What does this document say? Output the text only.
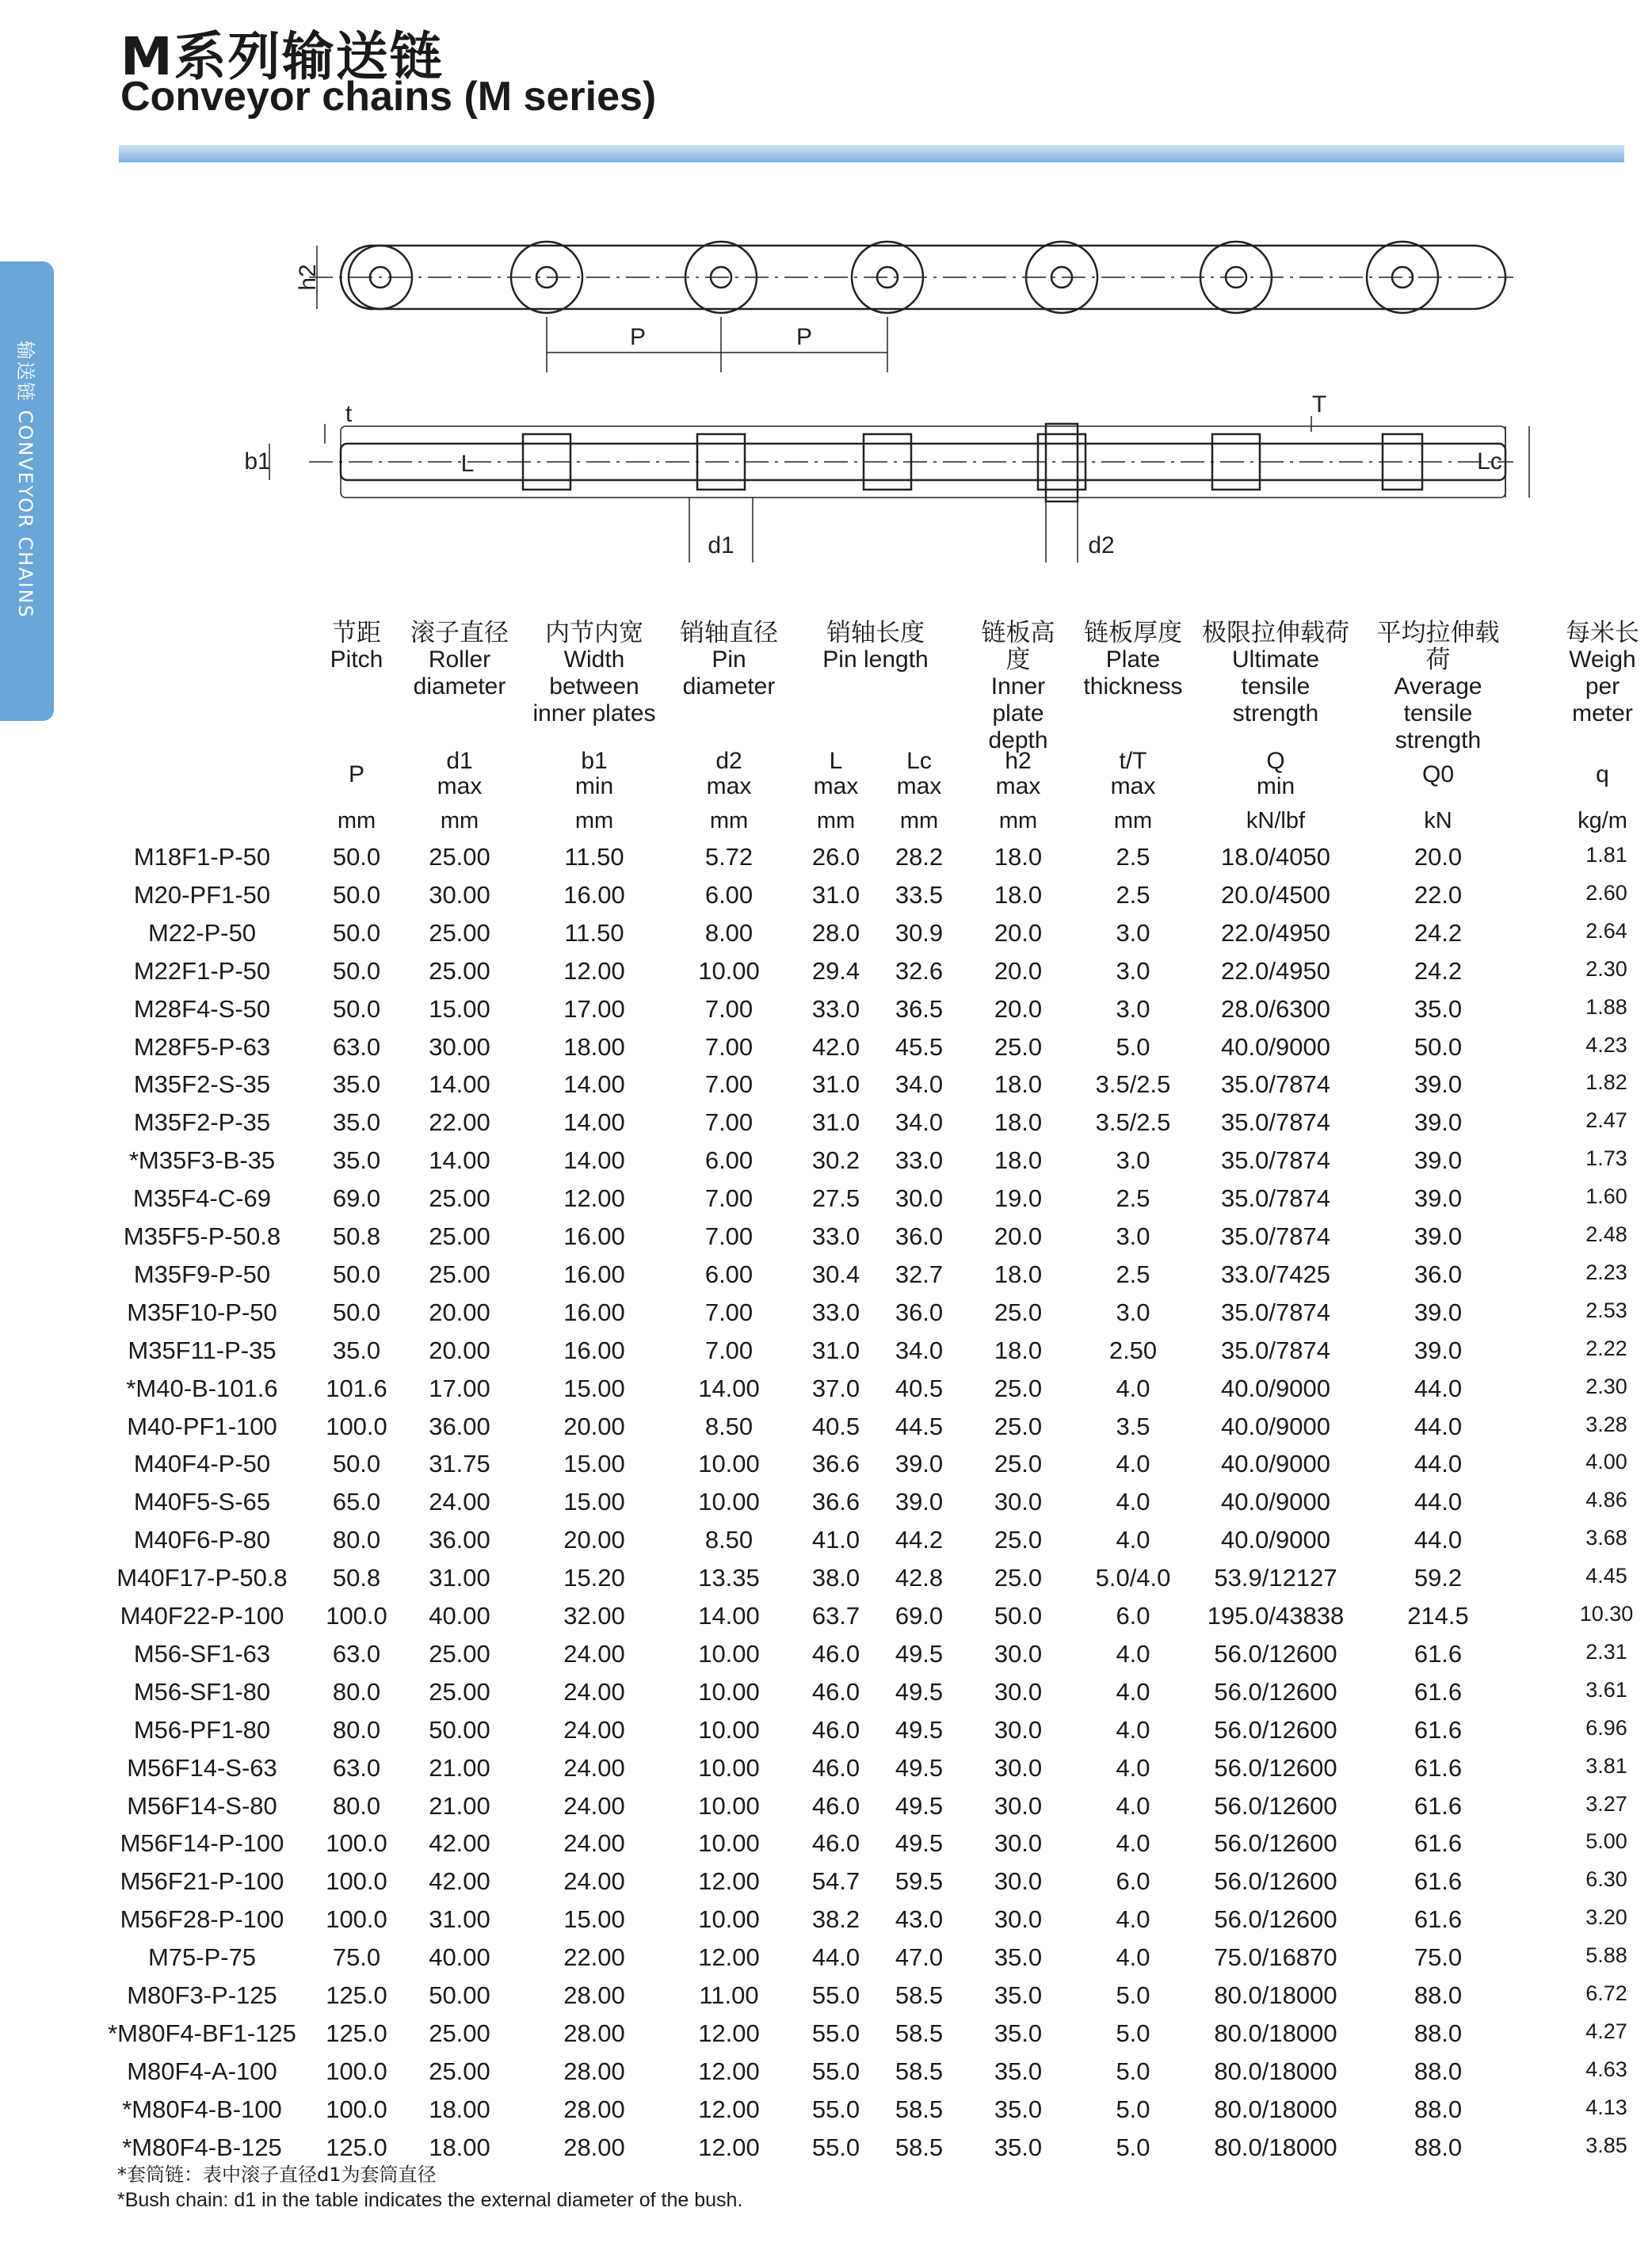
M系列输送链
Conveyor chains (M series)
输送链 CONVEYOR CHAINS
h2
P	P
t
b1	L
d1
T
d2
Lc
节距
Pitch
P
mm
滚子直径
Roller diameter
d1
max
mm
内节内宽
Width between inner plates
b1
min
mm
销轴直径
Pin diameter
d2
max
mm
销轴长度
Pin length
L
max
mm
Lc
max
mm
链板高度
Inner plate depth
h2
max
mm
链板厚度
Plate thickness
t/T
max
mm
极限拉伸载荷
Ultimate tensile strength
Q
min
kN/lbf
平均拉伸载荷
Average tensile strength
Q0
kN
每米长
Weigh per meter
q
kg/m
M18F1-P-50	50.0	25.00	11.50	5.72	26.0	28.2	18.0	2.5	18.0/4050	20.0	1.81
M20-PF1-50	50.0	30.00	16.00	6.00	31.0	33.5	18.0	2.5	20.0/4500	22.0	2.60
M22-P-50	50.0	25.00	11.50	8.00	28.0	30.9	20.0	3.0	22.0/4950	24.2	2.64
M22F1-P-50	50.0	25.00	12.00	10.00	29.4	32.6	20.0	3.0	22.0/4950	24.2	2.30
M28F4-S-50	50.0	15.00	17.00	7.00	33.0	36.5	20.0	3.0	28.0/6300	35.0	1.88
M28F5-P-63	63.0	30.00	18.00	7.00	42.0	45.5	25.0	5.0	40.0/9000	50.0	4.23
M35F2-S-35	35.0	14.00	14.00	7.00	31.0	34.0	18.0	3.5/2.5	35.0/7874	39.0	1.82
M35F2-P-35	35.0	22.00	14.00	7.00	31.0	34.0	18.0	3.5/2.5	35.0/7874	39.0	2.47
*M35F3-B-35	35.0	14.00	14.00	6.00	30.2	33.0	18.0	3.0	35.0/7874	39.0	1.73
M35F4-C-69	69.0	25.00	12.00	7.00	27.5	30.0	19.0	2.5	35.0/7874	39.0	1.60
M35F5-P-50.8	50.8	25.00	16.00	7.00	33.0	36.0	20.0	3.0	35.0/7874	39.0	2.48
M35F9-P-50	50.0	25.00	16.00	6.00	30.4	32.7	18.0	2.5	33.0/7425	36.0	2.23
M35F10-P-50	50.0	20.00	16.00	7.00	33.0	36.0	25.0	3.0	35.0/7874	39.0	2.53
M35F11-P-35	35.0	20.00	16.00	7.00	31.0	34.0	18.0	2.50	35.0/7874	39.0	2.22
*M40-B-101.6	101.6	17.00	15.00	14.00	37.0	40.5	25.0	4.0	40.0/9000	44.0	2.30
M40-PF1-100	100.0	36.00	20.00	8.50	40.5	44.5	25.0	3.5	40.0/9000	44.0	3.28
M40F4-P-50	50.0	31.75	15.00	10.00	36.6	39.0	25.0	4.0	40.0/9000	44.0	4.00
M40F5-S-65	65.0	24.00	15.00	10.00	36.6	39.0	30.0	4.0	40.0/9000	44.0	4.86
M40F6-P-80	80.0	36.00	20.00	8.50	41.0	44.2	25.0	4.0	40.0/9000	44.0	3.68
M40F17-P-50.8	50.8	31.00	15.20	13.35	38.0	42.8	25.0	5.0/4.0	53.9/12127	59.2	4.45
M40F22-P-100	100.0	40.00	32.00	14.00	63.7	69.0	50.0	6.0	195.0/43838	214.5	10.30
M56-SF1-63	63.0	25.00	24.00	10.00	46.0	49.5	30.0	4.0	56.0/12600	61.6	2.31
M56-SF1-80	80.0	25.00	24.00	10.00	46.0	49.5	30.0	4.0	56.0/12600	61.6	3.61
M56-PF1-80	80.0	50.00	24.00	10.00	46.0	49.5	30.0	4.0	56.0/12600	61.6	6.96
M56F14-S-63	63.0	21.00	24.00	10.00	46.0	49.5	30.0	4.0	56.0/12600	61.6	3.81
M56F14-S-80	80.0	21.00	24.00	10.00	46.0	49.5	30.0	4.0	56.0/12600	61.6	3.27
M56F14-P-100	100.0	42.00	24.00	10.00	46.0	49.5	30.0	4.0	56.0/12600	61.6	5.00
M56F21-P-100	100.0	42.00	24.00	12.00	54.7	59.5	30.0	6.0	56.0/12600	61.6	6.30
M56F28-P-100	100.0	31.00	15.00	10.00	38.2	43.0	30.0	4.0	56.0/12600	61.6	3.20
M75-P-75	75.0	40.00	22.00	12.00	44.0	47.0	35.0	4.0	75.0/16870	75.0	5.88
M80F3-P-125	125.0	50.00	28.00	11.00	55.0	58.5	35.0	5.0	80.0/18000	88.0	6.72
*M80F4-BF1-125	125.0	25.00	28.00	12.00	55.0	58.5	35.0	5.0	80.0/18000	88.0	4.27
M80F4-A-100	100.0	25.00	28.00	12.00	55.0	58.5	35.0	5.0	80.0/18000	88.0	4.63
*M80F4-B-100	100.0	18.00	28.00	12.00	55.0	58.5	35.0	5.0	80.0/18000	88.0	4.13
*M80F4-B-125	125.0	18.00	28.00	12.00	55.0	58.5	35.0	5.0	80.0/18000	88.0	3.85
*套筒链：表中滚子直径d1为套筒直径
*Bush chain: d1 in the table indicates the external diameter of the bush.
